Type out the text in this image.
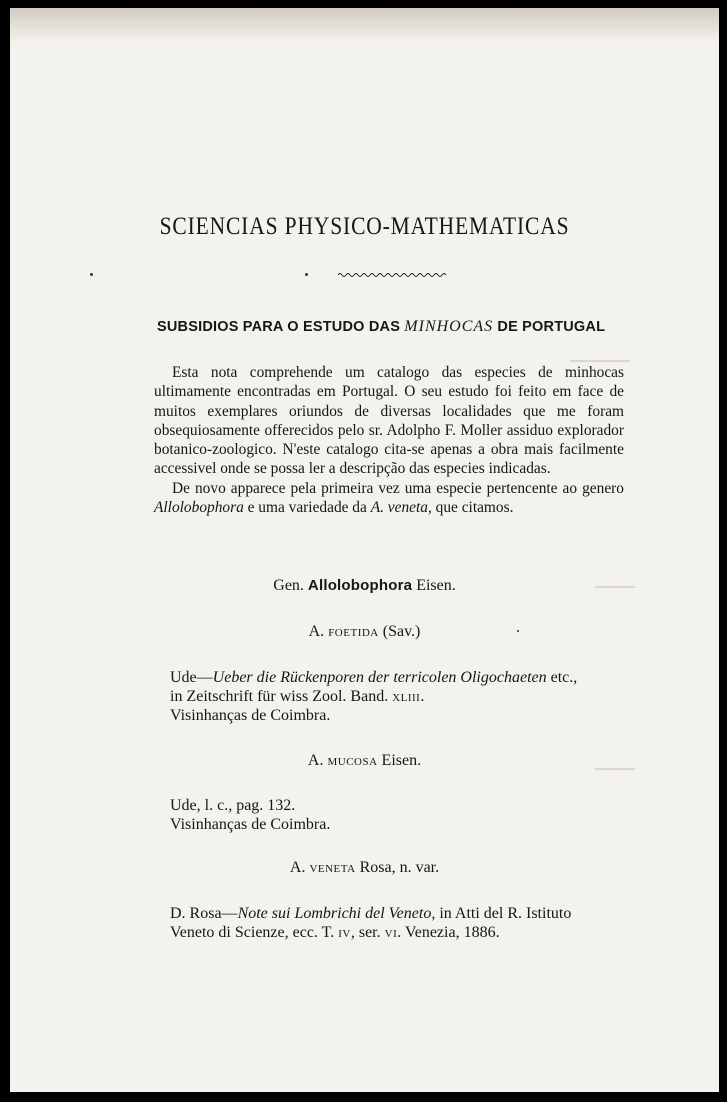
SCIENCIAS PHYSICO-MATHEMATICAS
SUBSIDIOS PARA O ESTUDO DAS MINHOCAS DE PORTUGAL

Esta nota comprehende um catalogo das especies de minhocas ultimamente encontradas em Portugal. O seu estudo foi feito em face de muitos exemplares oriundos de diversas localidades que me foram obsequiosamente offerecidos pelo sr. Adolpho F. Moller assiduo explorador botanico-zoologico. N'este catalogo cita-se apenas a obra mais facilmente accessivel onde se possa ler a descripção das especies indicadas.

De novo apparece pela primeira vez uma especie pertencente ao genero Allolobophora e uma variedade da A. veneta, que citamos.

Gen. Allolobophora Eisen.
A. foetida (Sav.)
Ude—Ueber die Rückenporen der terricolen Oligochaeten etc.,
in Zeitschrift für wiss Zool. Band. xliii.
Visinhanças de Coimbra.
A. mucosa Eisen.
Ude, l. c., pag. 132.
Visinhanças de Coimbra.
A. veneta Rosa, n. var.
D. Rosa—Note sui Lombrichi del Veneto, in Atti del R. Istituto
Veneto di Scienze, ecc. T. iv, ser. vi. Venezia, 1886.
